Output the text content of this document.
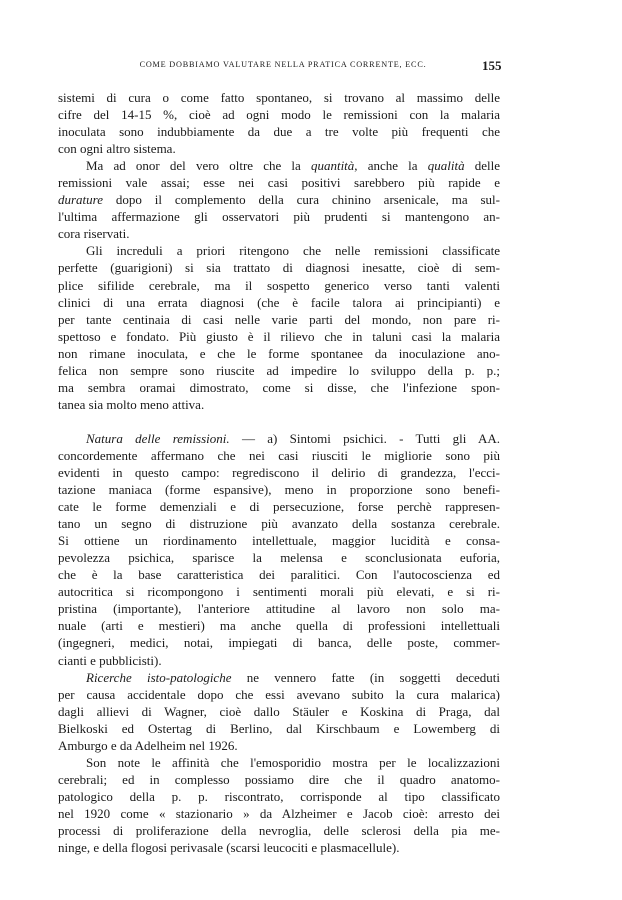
COME DOBBIAMO VALUTARE NELLA PRATICA CORRENTE, ECC.	155
sistemi di cura o come fatto spontaneo, si trovano al massimo delle
cifre del 14-15 %, cioè ad ogni modo le remissioni con la malaria
inoculata sono indubbiamente da due a tre volte più frequenti che
con ogni altro sistema.
Ma ad onor del vero oltre che la quantità, anche la qualità delle
remissioni vale assai; esse nei casi positivi sarebbero più rapide e
durature dopo il complemento della cura chinino arsenicale, ma sul-
l'ultima affermazione gli osservatori più prudenti si mantengono an-
cora riservati.
Gli increduli a priori ritengono che nelle remissioni classificate
perfette (guarigioni) si sia trattato di diagnosi inesatte, cioè di sem-
plice sifilide cerebrale, ma il sospetto generico verso tanti valenti
clinici di una errata diagnosi (che è facile talora ai principianti) e
per tante centinaia di casi nelle varie parti del mondo, non pare ri-
spettoso e fondato. Più giusto è il rilievo che in taluni casi la malaria
non rimane inoculata, e che le forme spontanee da inoculazione ano-
felica non sempre sono riuscite ad impedire lo sviluppo della p. p.;
ma sembra oramai dimostrato, come si disse, che l'infezione spon-
tanea sia molto meno attiva.
Natura delle remissioni. — a) Sintomi psichici. - Tutti gli AA.
concordemente affermano che nei casi riusciti le migliorie sono più
evidenti in questo campo: regrediscono il delirio di grandezza, l'ecci-
tazione maniaca (forme espansive), meno in proporzione sono benefi-
cate le forme demenziali e di persecuzione, forse perchè rappresen-
tano un segno di distruzione più avanzato della sostanza cerebrale.
Si ottiene un riordinamento intellettuale, maggior lucidità e consa-
pevolezza psichica, sparisce la melensa e sconclusionata euforia,
che è la base caratteristica dei paralitici. Con l'autocoscienza ed
autocritica si ricompongono i sentimenti morali più elevati, e si ri-
pristina (importante), l'anteriore attitudine al lavoro non solo ma-
nuale (arti e mestieri) ma anche quella di professioni intellettuali
(ingegneri, medici, notai, impiegati di banca, delle poste, commer-
cianti e pubblicisti).
Ricerche isto-patologiche ne vennero fatte (in soggetti deceduti
per causa accidentale dopo che essi avevano subito la cura malarica)
dagli allievi di Wagner, cioè dallo Stäuler e Koskina di Praga, dal
Bielkoski ed Ostertag di Berlino, dal Kirschbaum e Lowemberg di
Amburgo e da Adelheim nel 1926.
Son note le affinità che l'emosporidio mostra per le localizzazioni
cerebrali; ed in complesso possiamo dire che il quadro anatomo-
patologico della p. p. riscontrato, corrisponde al tipo classificato
nel 1920 come « stazionario » da Alzheimer e Jacob cioè: arresto dei
processi di proliferazione della nevroglia, delle sclerosi della pia me-
ninge, e della flogosi perivasale (scarsi leucociti e plasmacellule).
